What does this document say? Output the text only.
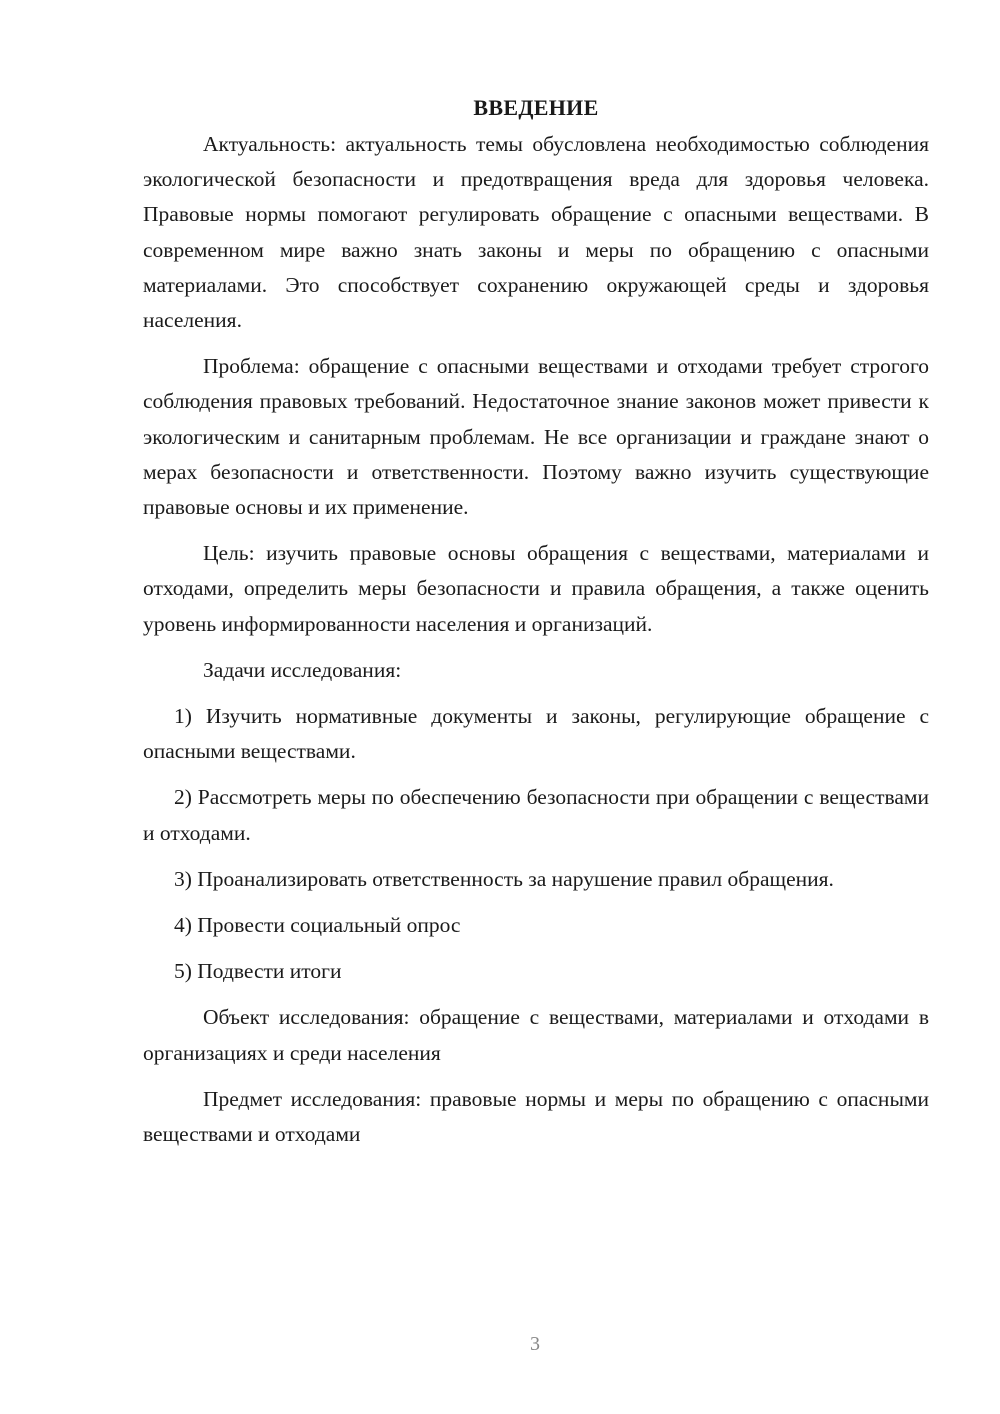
ВВЕДЕНИЕ

Актуальность: актуальность темы обусловлена необходимостью соблюдения экологической безопасности и предотвращения вреда для здоровья человека. Правовые нормы помогают регулировать обращение с опасными веществами. В современном мире важно знать законы и меры по обращению с опасными материалами. Это способствует сохранению окружающей среды и здоровья населения.

Проблема: обращение с опасными веществами и отходами требует строгого соблюдения правовых требований. Недостаточное знание законов может привести к экологическим и санитарным проблемам. Не все организации и граждане знают о мерах безопасности и ответственности. Поэтому важно изучить существующие правовые основы и их применение.

Цель: изучить правовые основы обращения с веществами, материалами и отходами, определить меры безопасности и правила обращения, а также оценить уровень информированности населения и организаций.

Задачи исследования:

1) Изучить нормативные документы и законы, регулирующие обращение с опасными веществами.

2) Рассмотреть меры по обеспечению безопасности при обращении с веществами и отходами.

3) Проанализировать ответственность за нарушение правил обращения.

4) Провести социальный опрос

5) Подвести итоги

Объект исследования: обращение с веществами, материалами и отходами в организациях и среди населения

Предмет исследования: правовые нормы и меры по обращению с опасными веществами и отходами

3
